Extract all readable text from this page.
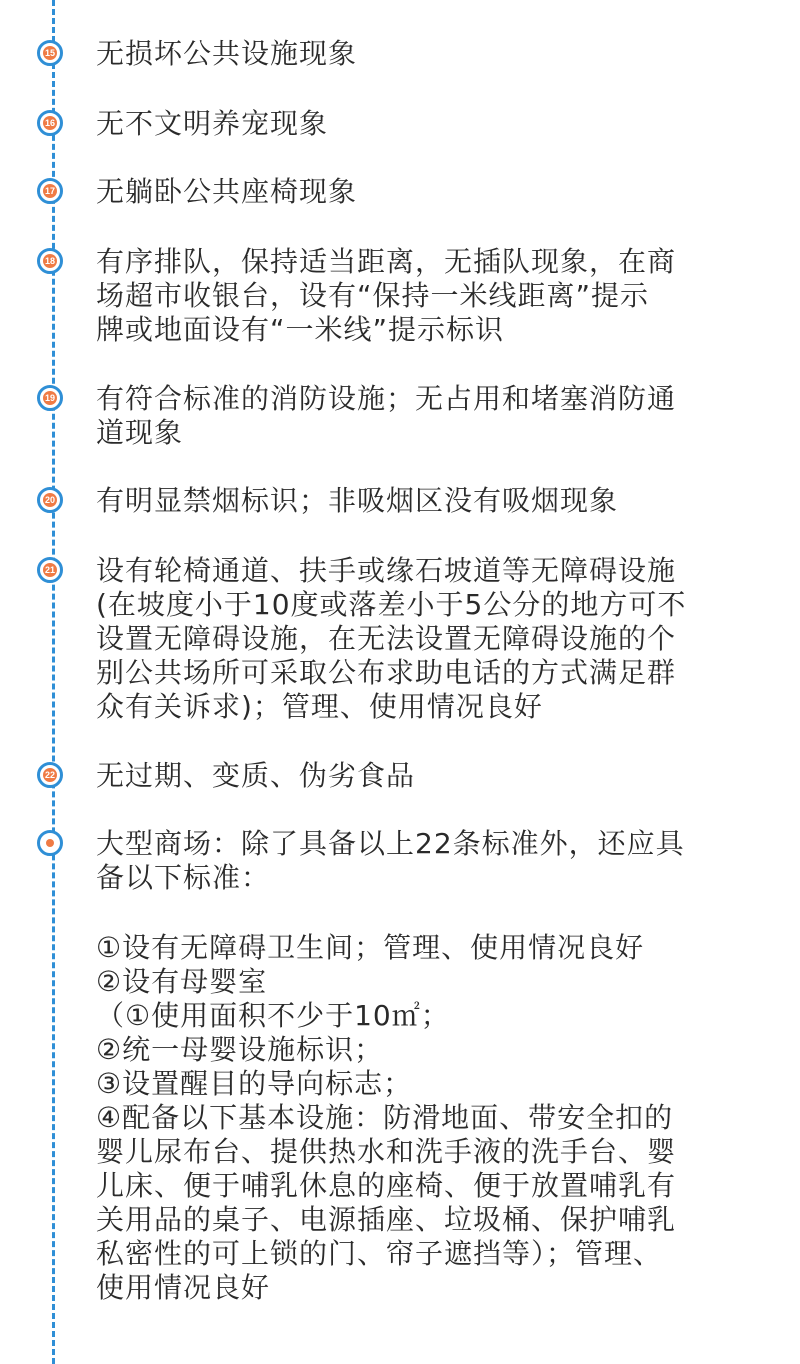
15 无损坏公共设施现象

16 无不文明养宠现象

17 无躺卧公共座椅现象

18 有序排队，保持适当距离，无插队现象，在商
场超市收银台，设有“保持一米线距离”提示
牌或地面设有“一米线”提示标识

19 有符合标准的消防设施；无占用和堵塞消防通
道现象

20 有明显禁烟标识；非吸烟区没有吸烟现象

21 设有轮椅通道、扶手或缘石坡道等无障碍设施
(在坡度小于10度或落差小于5公分的地方可不
设置无障碍设施，在无法设置无障碍设施的个
别公共场所可采取公布求助电话的方式满足群
众有关诉求)；管理、使用情况良好

22 无过期、变质、伪劣食品

大型商场：除了具备以上22条标准外，还应具
备以下标准：

①设有无障碍卫生间；管理、使用情况良好
②设有母婴室
（①使用面积不少于10㎡；
②统一母婴设施标识；
③设置醒目的导向标志；
④配备以下基本设施：防滑地面、带安全扣的
婴儿尿布台、提供热水和洗手液的洗手台、婴
儿床、便于哺乳休息的座椅、便于放置哺乳有
关用品的桌子、电源插座、垃圾桶、保护哺乳
私密性的可上锁的门、帘子遮挡等）；管理、
使用情况良好
